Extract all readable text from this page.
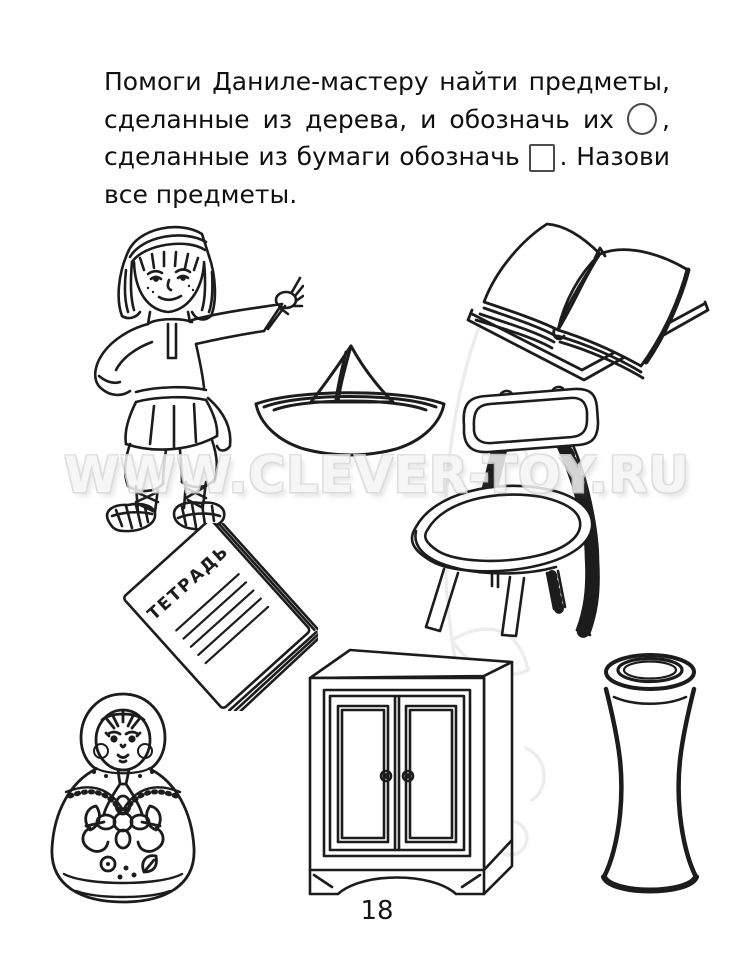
Помоги Даниле-мастеру найти предметы,
сделанные из дерева, и обозначь их ,
сделанные из бумаги обозначь . Назови
все предметы.
ТЕТРАДЬ
WWW.CLEVER-TOY.RU
18
